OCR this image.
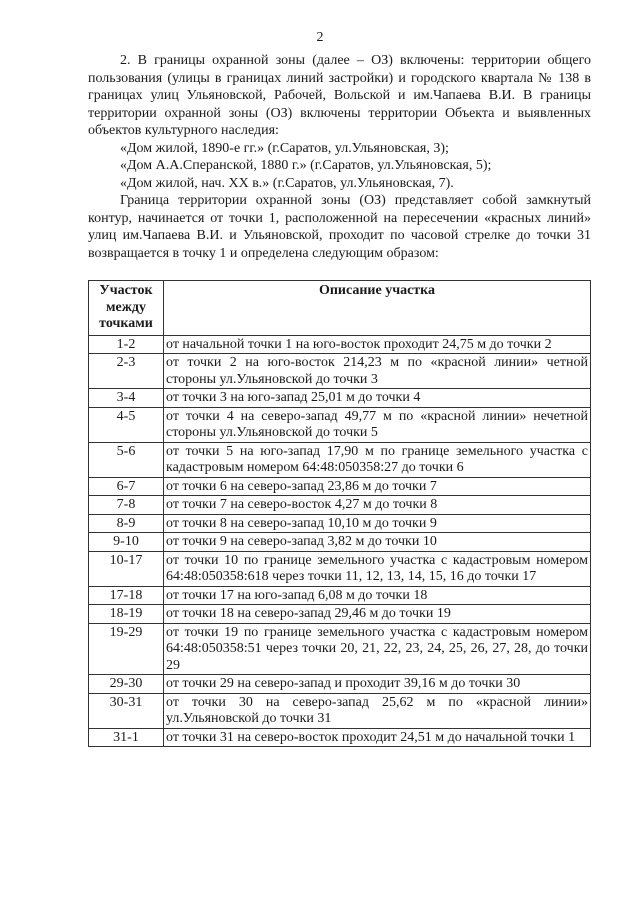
2

2. В границы охранной зоны (далее – ОЗ) включены: территории общего пользования (улицы в границах линий застройки) и городского квартала № 138 в границах улиц Ульяновской, Рабочей, Вольской и им.Чапаева В.И. В границы территории охранной зоны (ОЗ) включены территории Объекта и выявленных объектов культурного наследия:

«Дом жилой, 1890-е гг.» (г.Саратов, ул.Ульяновская, 3);

«Дом А.А.Сперанской, 1880 г.» (г.Саратов, ул.Ульяновская, 5);

«Дом жилой, нач. XX в.» (г.Саратов, ул.Ульяновская, 7).

Граница территории охранной зоны (ОЗ) представляет собой замкнутый контур, начинается от точки 1, расположенной на пересечении «красных линий» улиц им.Чапаева В.И. и Ульяновской, проходит по часовой стрелке до точки 31 возвращается в точку 1 и определена следующим образом:

Участок между точками	Описание участка
1-2	от начальной точки 1 на юго-восток проходит 24,75 м до точки 2
2-3	от точки 2 на юго-восток 214,23 м по «красной линии» четной стороны ул.Ульяновской до точки 3
3-4	от точки 3 на юго-запад 25,01 м до точки 4
4-5	от точки 4 на северо-запад 49,77 м по «красной линии» нечетной стороны ул.Ульяновской до точки 5
5-6	от точки 5 на юго-запад 17,90 м по границе земельного участка с кадастровым номером 64:48:050358:27 до точки 6
6-7	от точки 6 на северо-запад 23,86 м до точки 7
7-8	от точки 7 на северо-восток 4,27 м до точки 8
8-9	от точки 8 на северо-запад 10,10 м до точки 9
9-10	от точки 9 на северо-запад 3,82 м до точки 10
10-17	от точки 10 по границе земельного участка с кадастровым номером 64:48:050358:618 через точки 11, 12, 13, 14, 15, 16 до точки 17
17-18	от точки 17 на юго-запад 6,08 м до точки 18
18-19	от точки 18 на северо-запад 29,46 м до точки 19
19-29	от точки 19 по границе земельного участка с кадастровым номером 64:48:050358:51 через точки 20, 21, 22, 23, 24, 25, 26, 27, 28, до точки 29
29-30	от точки 29 на северо-запад и проходит 39,16 м до точки 30
30-31	от точки 30 на северо-запад 25,62 м по «красной линии» ул.Ульяновской до точки 31
31-1	от точки 31 на северо-восток проходит 24,51 м до начальной точки 1
